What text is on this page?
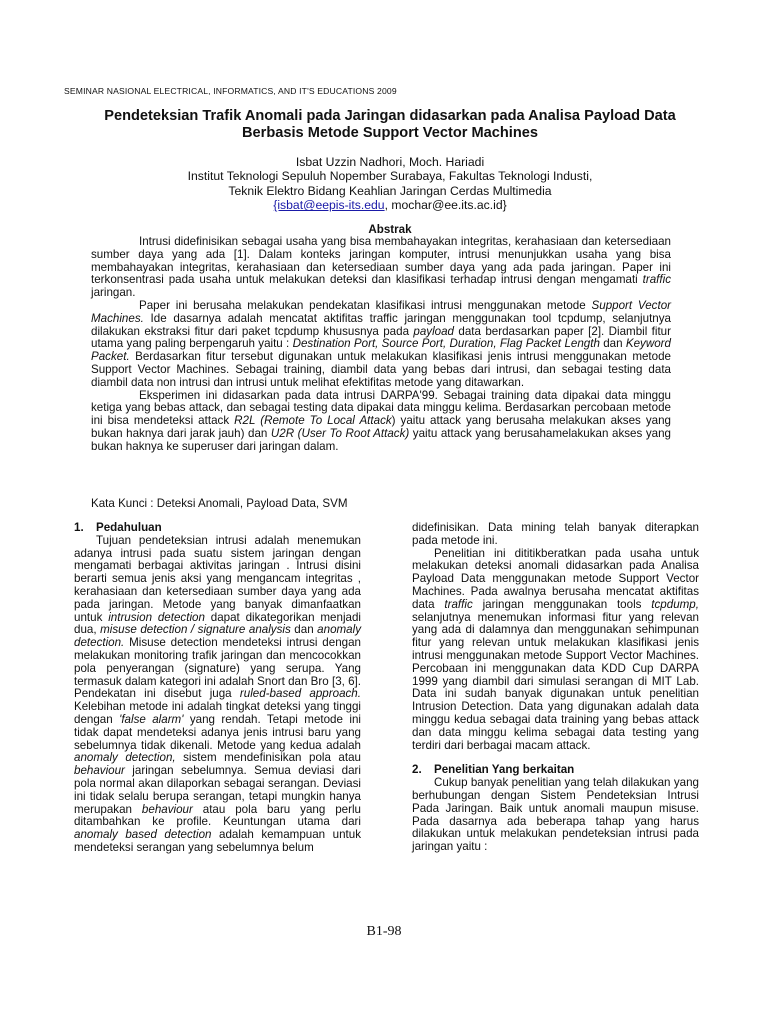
SEMINAR NASIONAL ELECTRICAL, INFORMATICS, AND IT'S EDUCATIONS 2009
Pendeteksian Trafik Anomali pada Jaringan didasarkan pada Analisa Payload Data
Berbasis Metode Support Vector Machines
Isbat Uzzin Nadhori, Moch. Hariadi
Institut Teknologi Sepuluh Nopember Surabaya, Fakultas Teknologi Industi,
Teknik Elektro Bidang Keahlian Jaringan Cerdas Multimedia
{isbat@eepis-its.edu, mochar@ee.its.ac.id}
Abstrak

Intrusi didefinisikan sebagai usaha yang bisa membahayakan integritas, kerahasiaan dan ketersediaan sumber daya yang ada [1]. Dalam konteks jaringan komputer, intrusi menunjukkan usaha yang bisa membahayakan integritas, kerahasiaan dan ketersediaan sumber daya yang ada pada jaringan. Paper ini terkonsentrasi pada usaha untuk melakukan deteksi dan klasifikasi terhadap intrusi dengan mengamati traffic jaringan.

Paper ini berusaha melakukan pendekatan klasifikasi intrusi menggunakan metode Support Vector Machines. Ide dasarnya adalah mencatat aktifitas traffic jaringan menggunakan tool tcpdump, selanjutnya dilakukan ekstraksi fitur dari paket tcpdump khususnya pada payload data berdasarkan paper [2]. Diambil fitur utama yang paling berpengaruh yaitu : Destination Port, Source Port, Duration, Flag Packet Length dan Keyword Packet. Berdasarkan fitur tersebut digunakan untuk melakukan klasifikasi jenis intrusi menggunakan metode Support Vector Machines. Sebagai training, diambil data yang bebas dari intrusi, dan sebagai testing data diambil data non intrusi dan intrusi untuk melihat efektifitas metode yang ditawarkan.

Eksperimen ini didasarkan pada data intrusi DARPA'99. Sebagai training data dipakai data minggu ketiga yang bebas attack, dan sebagai testing data dipakai data minggu kelima. Berdasarkan percobaan metode ini bisa mendeteksi attack R2L (Remote To Local Attack) yaitu attack yang berusaha melakukan akses yang bukan haknya dari jarak jauh) dan U2R (User To Root Attack) yaitu attack yang berusahamelakukan akses yang bukan haknya ke superuser dari jaringan dalam.

Kata Kunci : Deteksi Anomali, Payload Data, SVM
1. Pedahuluan

Tujuan pendeteksian intrusi adalah menemukan adanya intrusi pada suatu sistem jaringan dengan mengamati berbagai aktivitas jaringan . Intrusi disini berarti semua jenis aksi yang mengancam integritas , kerahasiaan dan ketersediaan sumber daya yang ada pada jaringan. Metode yang banyak dimanfaatkan untuk intrusion detection dapat dikategorikan menjadi dua, misuse detection / signature analysis dan anomaly detection. Misuse detection mendeteksi intrusi dengan melakukan monitoring trafik jaringan dan mencocokkan pola penyerangan (signature) yang serupa. Yang termasuk dalam kategori ini adalah Snort dan Bro [3, 6]. Pendekatan ini disebut juga ruled-based approach. Kelebihan metode ini adalah tingkat deteksi yang tinggi dengan 'false alarm' yang rendah. Tetapi metode ini tidak dapat mendeteksi adanya jenis intrusi baru yang sebelumnya tidak dikenali. Metode yang kedua adalah anomaly detection, sistem mendefinisikan pola atau behaviour jaringan sebelumnya. Semua deviasi dari pola normal akan dilaporkan sebagai serangan. Deviasi ini tidak selalu berupa serangan, tetapi mungkin hanya merupakan behaviour atau pola baru yang perlu ditambahkan ke profile. Keuntungan utama dari anomaly based detection adalah kemampuan untuk mendeteksi serangan yang sebelumnya belum

didefinisikan. Data mining telah banyak diterapkan pada metode ini.

Penelitian ini dititikberatkan pada usaha untuk melakukan deteksi anomali didasarkan pada Analisa Payload Data menggunakan metode Support Vector Machines. Pada awalnya berusaha mencatat aktifitas data traffic jaringan menggunakan tools tcpdump, selanjutnya menemukan informasi fitur yang relevan yang ada di dalamnya dan menggunakan sehimpunan fitur yang relevan untuk melakukan klasifikasi jenis intrusi menggunakan metode Support Vector Machines. Percobaan ini menggunakan data KDD Cup DARPA 1999 yang diambil dari simulasi serangan di MIT Lab. Data ini sudah banyak digunakan untuk penelitian Intrusion Detection. Data yang digunakan adalah data minggu kedua sebagai data training yang bebas attack dan data minggu kelima sebagai data testing yang terdiri dari berbagai macam attack.

2. Penelitian Yang berkaitan

Cukup banyak penelitian yang telah dilakukan yang berhubungan dengan Sistem Pendeteksian Intrusi Pada Jaringan. Baik untuk anomali maupun misuse. Pada dasarnya ada beberapa tahap yang harus dilakukan untuk melakukan pendeteksian intrusi pada jaringan yaitu :

B1-98
